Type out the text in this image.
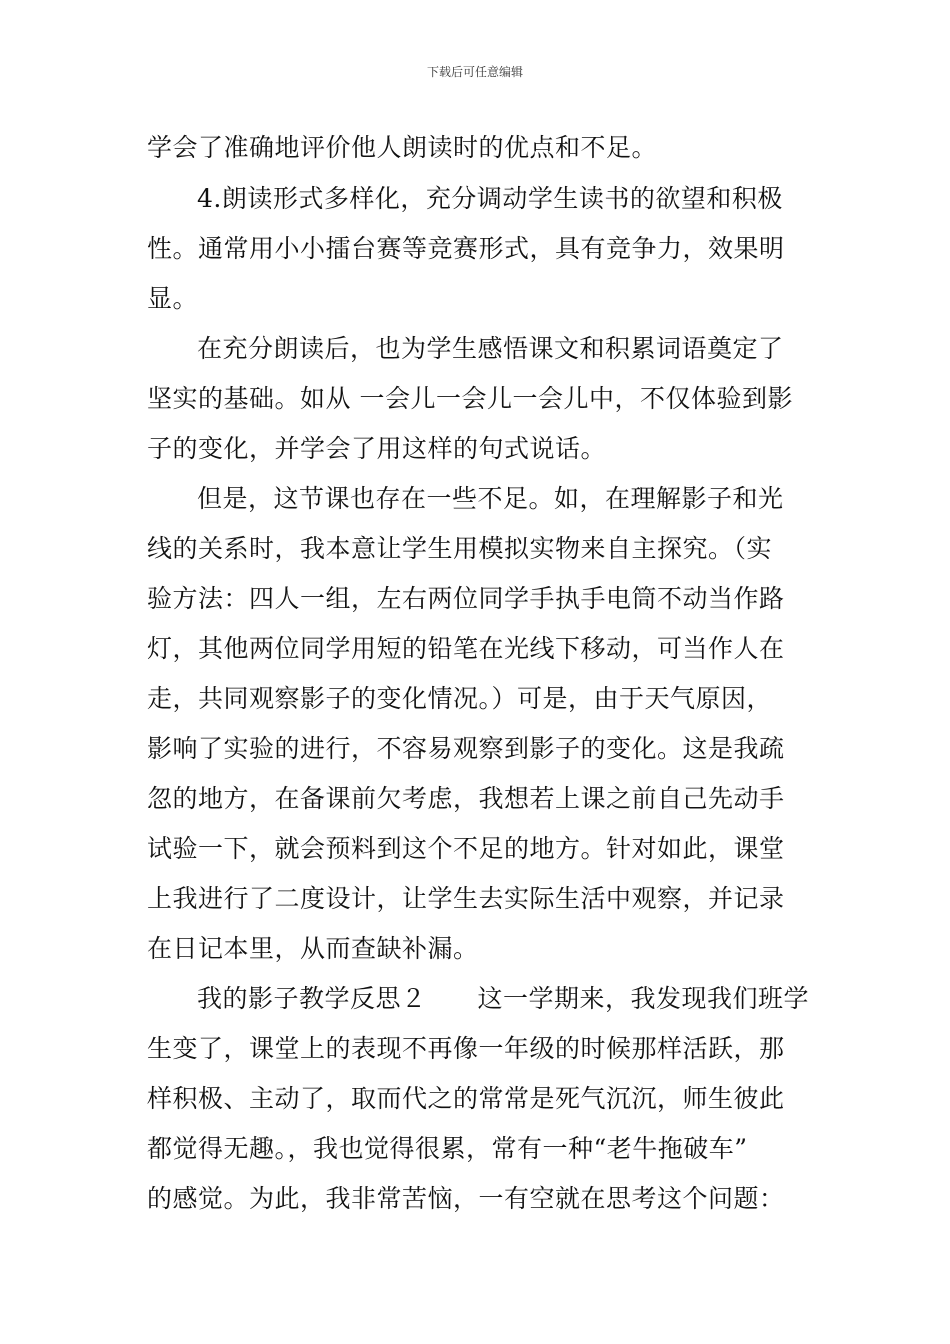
下载后可任意编辑
学会了准确地评价他人朗读时的优点和不足。
4.朗读形式多样化，充分调动学生读书的欲望和积极
性。通常用小小擂台赛等竞赛形式，具有竞争力，效果明
显。
在充分朗读后，也为学生感悟课文和积累词语奠定了
坚实的基础。如从 一会儿一会儿一会儿中，不仅体验到影
子的变化，并学会了用这样的句式说话。
但是，这节课也存在一些不足。如，在理解影子和光
线的关系时，我本意让学生用模拟实物来自主探究。（实
验方法：四人一组，左右两位同学手执手电筒不动当作路
灯，其他两位同学用短的铅笔在光线下移动，可当作人在
走，共同观察影子的变化情况。）可是，由于天气原因，
影响了实验的进行，不容易观察到影子的变化。这是我疏
忽的地方，在备课前欠考虑，我想若上课之前自己先动手
试验一下，就会预料到这个不足的地方。针对如此，课堂
上我进行了二度设计，让学生去实际生活中观察，并记录
在日记本里，从而查缺补漏。
我的影子教学反思２　　这一学期来，我发现我们班学
生变了，课堂上的表现不再像一年级的时候那样活跃，那
样积极、主动了，取而代之的常常是死气沉沉，师生彼此
都觉得无趣。，我也觉得很累，常有一种“老牛拖破车”
的感觉。为此，我非常苦恼，一有空就在思考这个问题：
